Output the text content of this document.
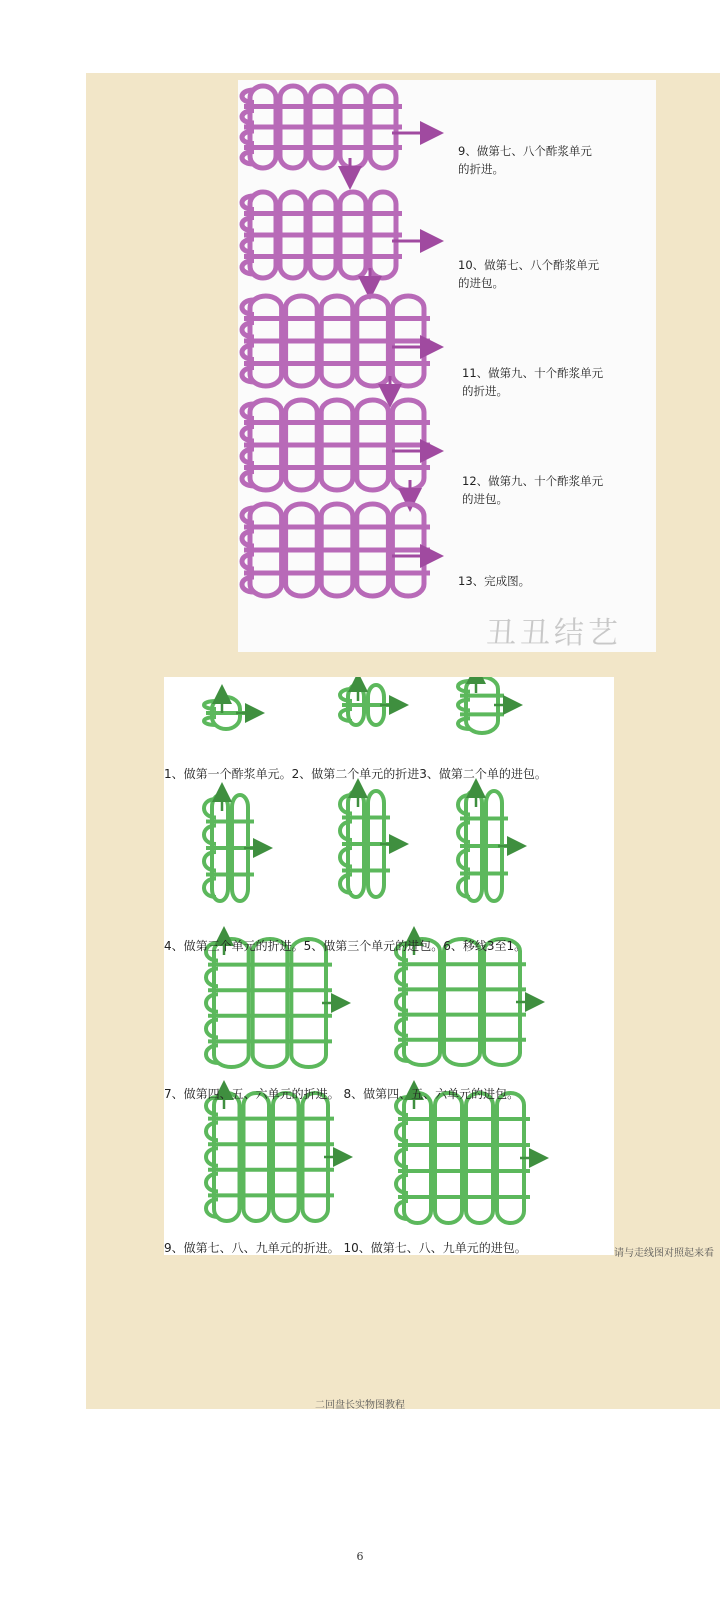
9、做第七、八个酢浆单元
的折进。
10、做第七、八个酢浆单元
的进包。
11、做第九、十个酢浆单元
的折进。
12、做第九、十个酢浆单元
的进包。
13、完成图。
丑丑结艺
1、做第一个酢浆单元。2、做第二个单元的折进3、做第二个单的进包。
4、做第三个单元的折进。5、做第三个单元的进包。6、移线3至1。
7、做第四、五、六单元的折进。 8、做第四、五、六单元的进包。
9、做第七、八、九单元的折进。 10、做第七、八、九单元的进包。	请与走线图对照起来看
二回盘长实物图教程
6
